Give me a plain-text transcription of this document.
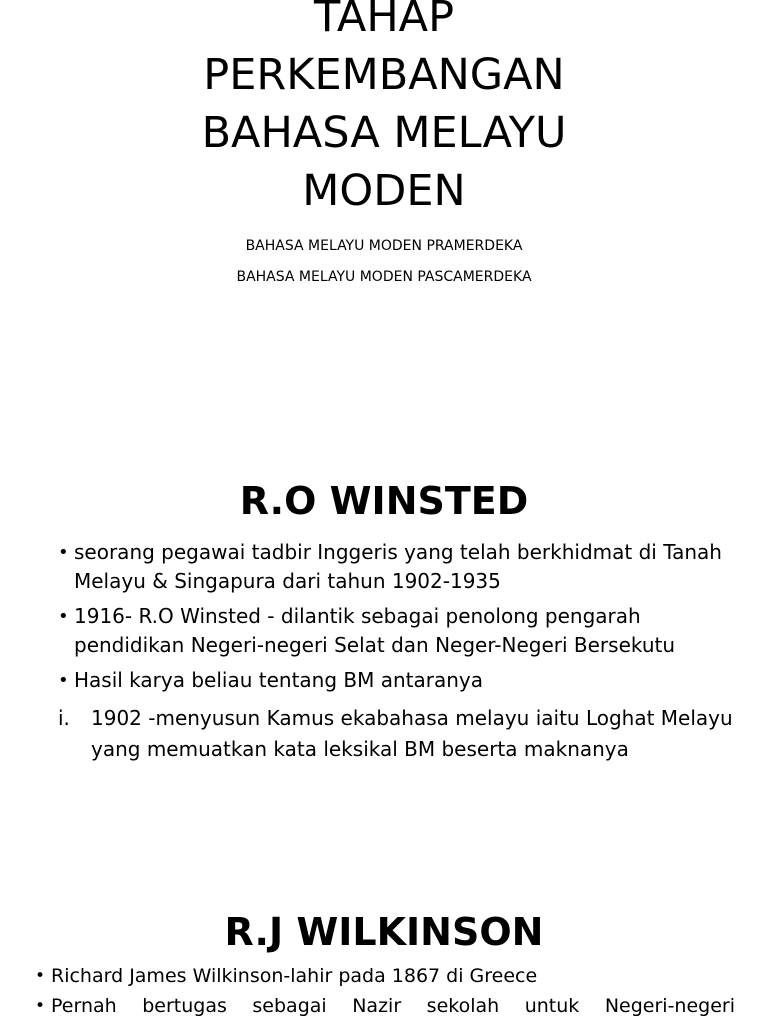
TAHAP
PERKEMBANGAN
BAHASA MELAYU
MODEN
BAHASA MELAYU MODEN PRAMERDEKA
BAHASA MELAYU MODEN PASCAMERDEKA
R.O WINSTED
• seorang pegawai tadbir Inggeris yang telah berkhidmat di Tanah Melayu & Singapura dari tahun 1902-1935
• 1916- R.O Winsted - dilantik sebagai penolong pengarah pendidikan Negeri-negeri Selat dan Neger-Negeri Bersekutu
• Hasil karya beliau tentang BM antaranya
i. 1902 -menyusun Kamus ekabahasa melayu iaitu Loghat Melayu yang memuatkan kata leksikal BM beserta maknanya
R.J WILKINSON
• Richard James Wilkinson-lahir pada 1867 di Greece
• Pernah bertugas sebagai Nazir sekolah untuk Negeri-negeri
